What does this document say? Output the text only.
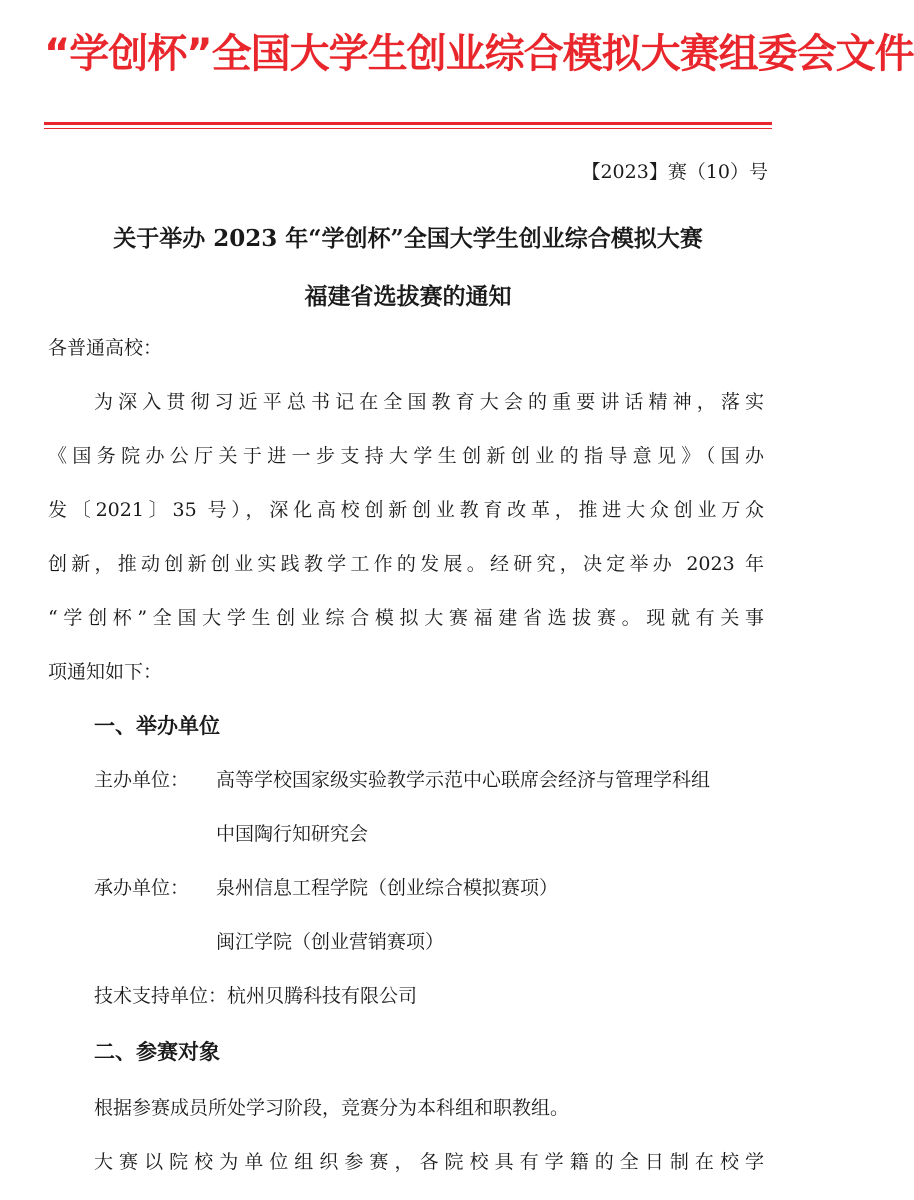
“学创杯”全国大学生创业综合模拟大赛组委会文件
【2023】赛（10）号
关于举办 2023 年“学创杯”全国大学生创业综合模拟大赛
福建省选拔赛的通知
各普通高校：
为深入贯彻习近平总书记在全国教育大会的重要讲话精神，落实
《国务院办公厅关于进一步支持大学生创新创业的指导意见》（国办
发〔2021〕35 号），深化高校创新创业教育改革，推进大众创业万众
创新，推动创新创业实践教学工作的发展。经研究，决定举办 2023 年
“学创杯”全国大学生创业综合模拟大赛福建省选拔赛。现就有关事
项通知如下：
一、举办单位
主办单位： 高等学校国家级实验教学示范中心联席会经济与管理学科组
中国陶行知研究会
承办单位： 泉州信息工程学院（创业综合模拟赛项）
闽江学院（创业营销赛项）
技术支持单位：杭州贝腾科技有限公司
二、参赛对象
根据参赛成员所处学习阶段，竞赛分为本科组和职教组。
大赛以院校为单位组织参赛，各院校具有学籍的全日制在校学
